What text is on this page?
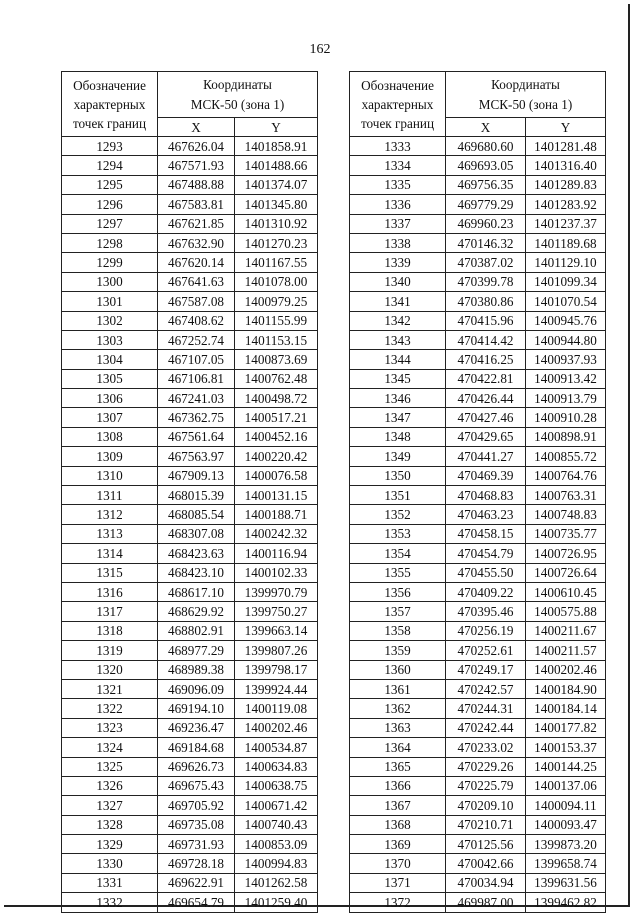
162
Обозначение
характерных
точек границ	Координаты
МСК-50 (зона 1)	
	X	Y
1293	467626.04	1401858.91
1294	467571.93	1401488.66
1295	467488.88	1401374.07
1296	467583.81	1401345.80
1297	467621.85	1401310.92
1298	467632.90	1401270.23
1299	467620.14	1401167.55
1300	467641.63	1401078.00
1301	467587.08	1400979.25
1302	467408.62	1401155.99
1303	467252.74	1401153.15
1304	467107.05	1400873.69
1305	467106.81	1400762.48
1306	467241.03	1400498.72
1307	467362.75	1400517.21
1308	467561.64	1400452.16
1309	467563.97	1400220.42
1310	467909.13	1400076.58
1311	468015.39	1400131.15
1312	468085.54	1400188.71
1313	468307.08	1400242.32
1314	468423.63	1400116.94
1315	468423.10	1400102.33
1316	468617.10	1399970.79
1317	468629.92	1399750.27
1318	468802.91	1399663.14
1319	468977.29	1399807.26
1320	468989.38	1399798.17
1321	469096.09	1399924.44
1322	469194.10	1400119.08
1323	469236.47	1400202.46
1324	469184.68	1400534.87
1325	469626.73	1400634.83
1326	469675.43	1400638.75
1327	469705.92	1400671.42
1328	469735.08	1400740.43
1329	469731.93	1400853.09
1330	469728.18	1400994.83
1331	469622.91	1401262.58
1332	469654.79	1401259.40
Обозначение
характерных
точек границ	Координаты
МСК-50 (зона 1)	
	X	Y
1333	469680.60	1401281.48
1334	469693.05	1401316.40
1335	469756.35	1401289.83
1336	469779.29	1401283.92
1337	469960.23	1401237.37
1338	470146.32	1401189.68
1339	470387.02	1401129.10
1340	470399.78	1401099.34
1341	470380.86	1401070.54
1342	470415.96	1400945.76
1343	470414.42	1400944.80
1344	470416.25	1400937.93
1345	470422.81	1400913.42
1346	470426.44	1400913.79
1347	470427.46	1400910.28
1348	470429.65	1400898.91
1349	470441.27	1400855.72
1350	470469.39	1400764.76
1351	470468.83	1400763.31
1352	470463.23	1400748.83
1353	470458.15	1400735.77
1354	470454.79	1400726.95
1355	470455.50	1400726.64
1356	470409.22	1400610.45
1357	470395.46	1400575.88
1358	470256.19	1400211.67
1359	470252.61	1400211.57
1360	470249.17	1400202.46
1361	470242.57	1400184.90
1362	470244.31	1400184.14
1363	470242.44	1400177.82
1364	470233.02	1400153.37
1365	470229.26	1400144.25
1366	470225.79	1400137.06
1367	470209.10	1400094.11
1368	470210.71	1400093.47
1369	470125.56	1399873.20
1370	470042.66	1399658.74
1371	470034.94	1399631.56
1372	469987.00	1399462.82
